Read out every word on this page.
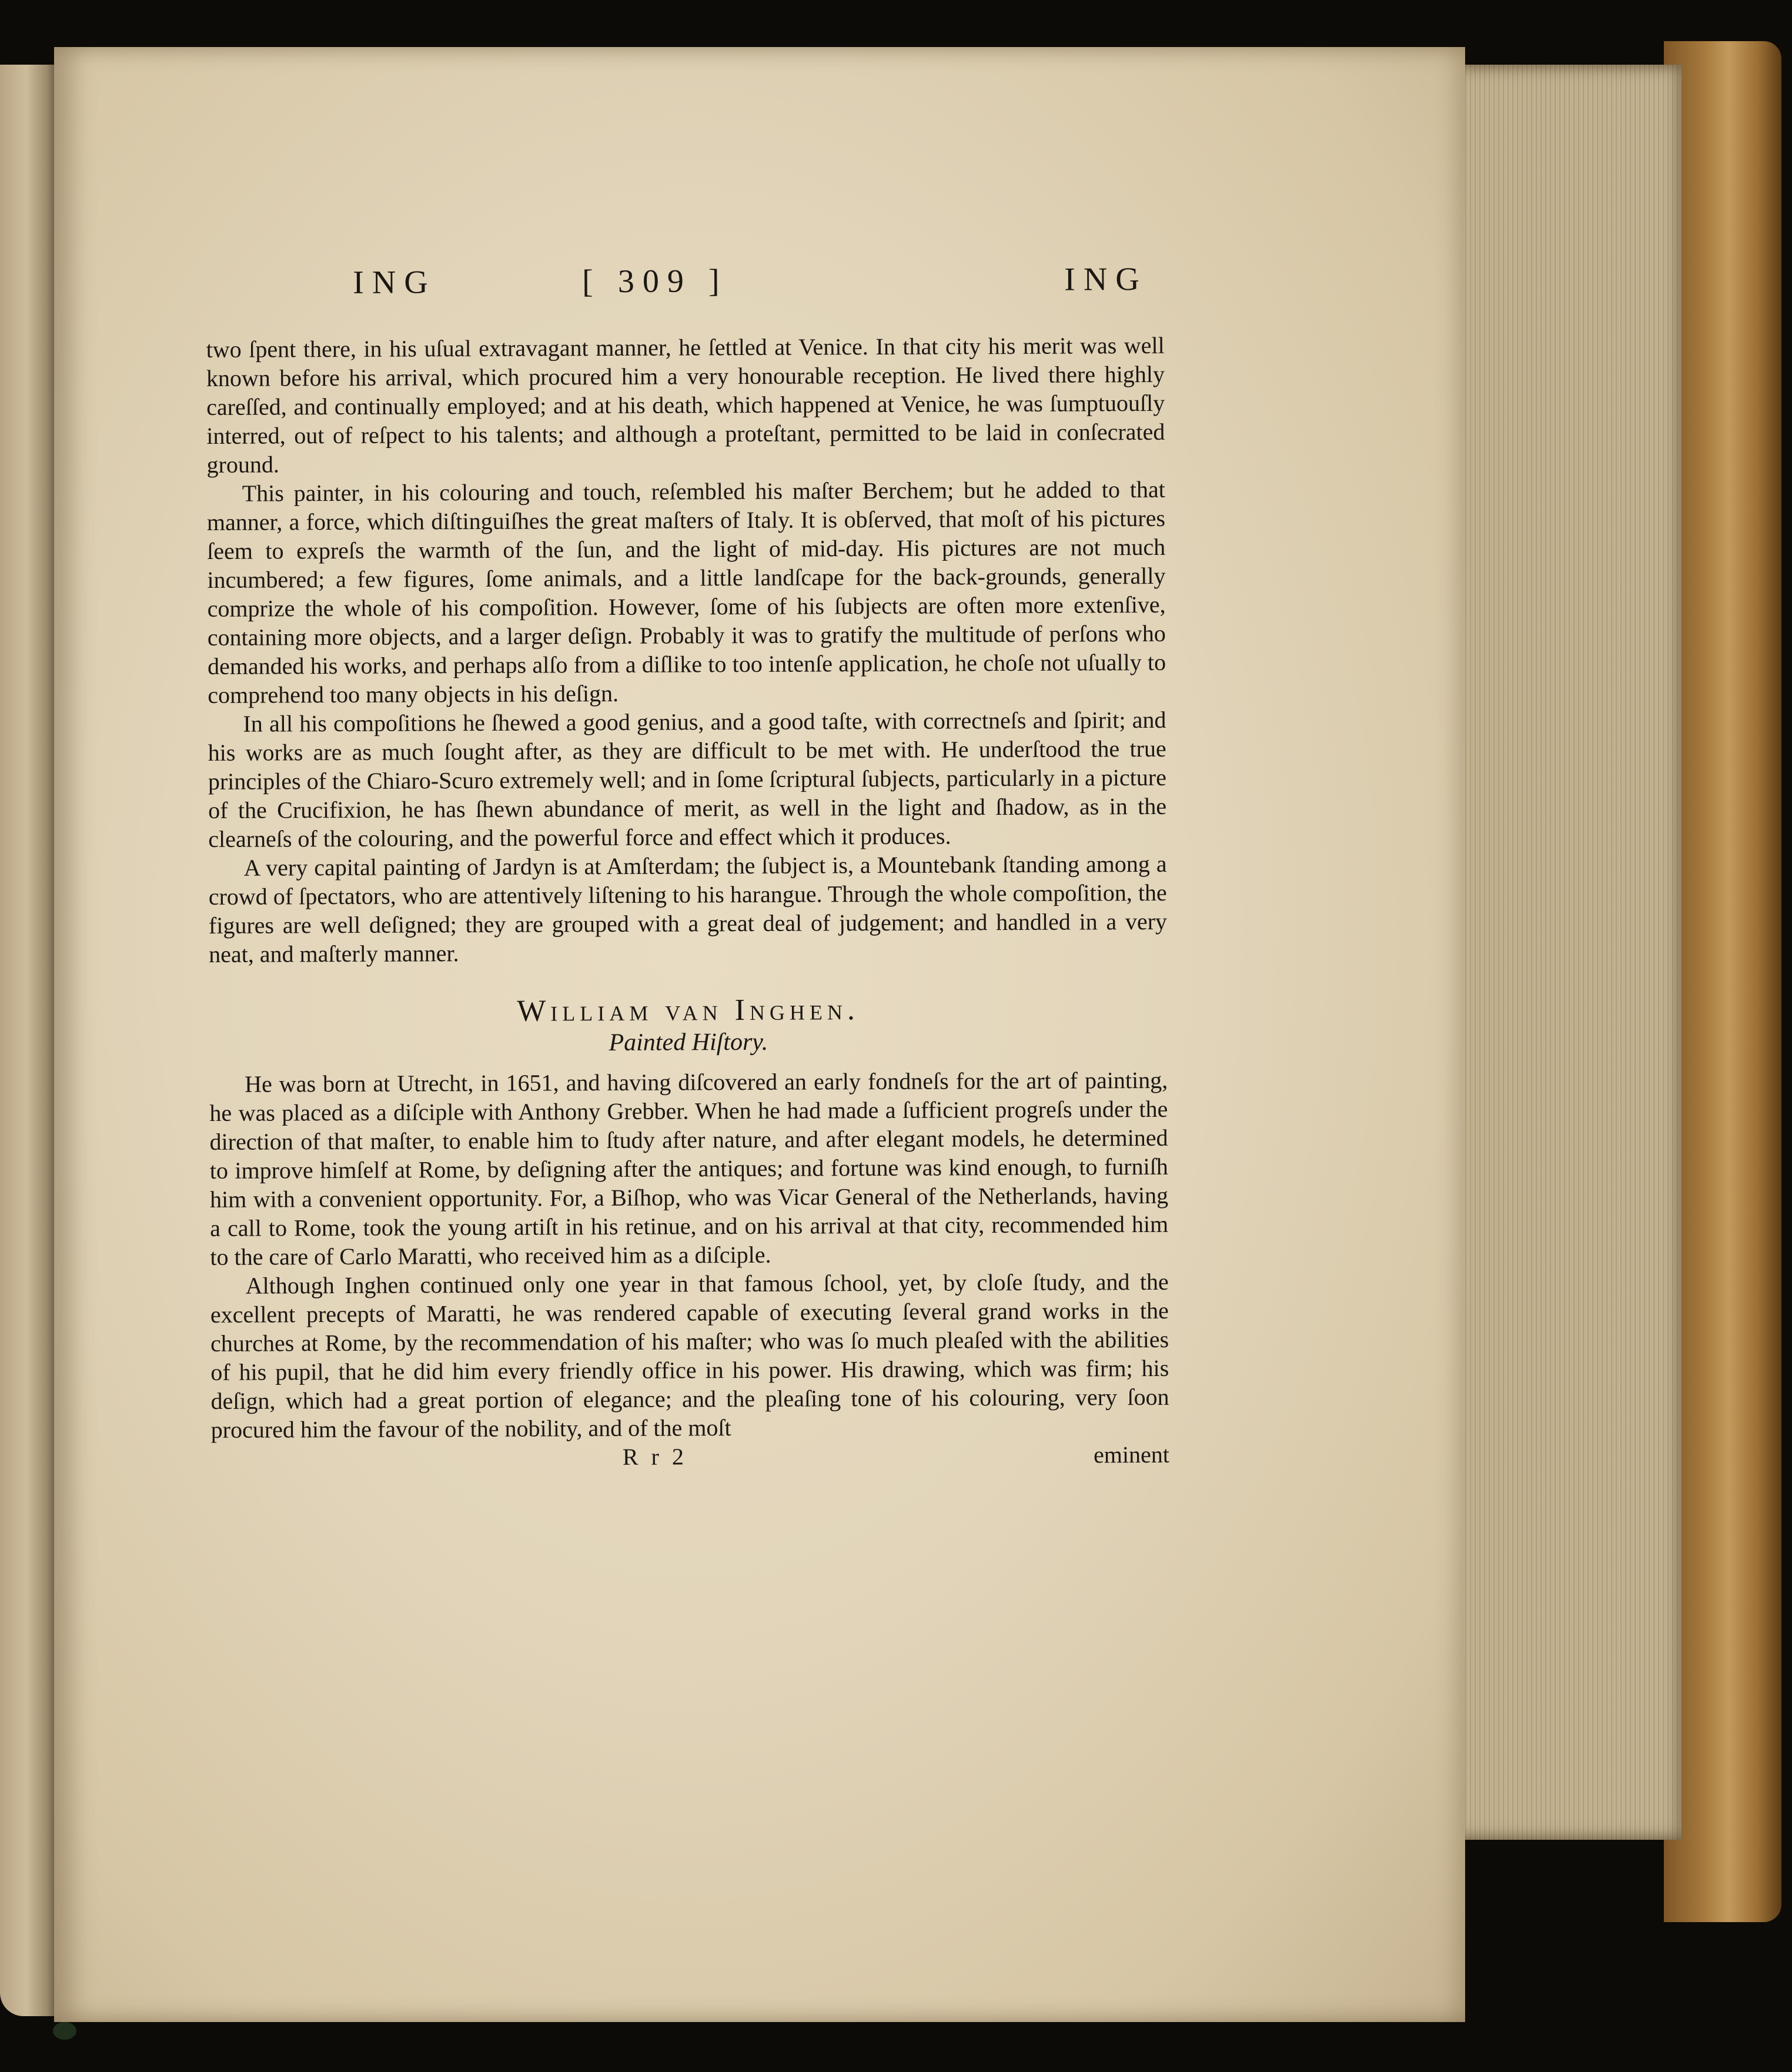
ING	[ 309 ]	ING

two ſpent there, in his uſual extravagant manner, he ſettled at Venice. In that city his merit was well known before his arrival, which procured him a very honourable reception. He lived there highly careſſed, and continually employed; and at his death, which happened at Venice, he was ſumptuouſly interred, out of reſpect to his talents; and although a proteſtant, permitted to be laid in conſecrated ground.

This painter, in his colouring and touch, reſembled his maſter Berchem; but he added to that manner, a force, which diſtinguiſhes the great maſters of Italy. It is obſerved, that moſt of his pictures ſeem to expreſs the warmth of the ſun, and the light of mid-day. His pictures are not much incumbered; a few figures, ſome animals, and a little landſcape for the back-grounds, generally comprize the whole of his compoſition. However, ſome of his ſubjects are often more extenſive, containing more objects, and a larger deſign. Probably it was to gratify the multitude of perſons who demanded his works, and perhaps alſo from a diſlike to too intenſe application, he choſe not uſually to comprehend too many objects in his deſign.

In all his compoſitions he ſhewed a good genius, and a good taſte, with correctneſs and ſpirit; and his works are as much ſought after, as they are difficult to be met with. He underſtood the true principles of the Chiaro-Scuro extremely well; and in ſome ſcriptural ſubjects, particularly in a picture of the Crucifixion, he has ſhewn abundance of merit, as well in the light and ſhadow, as in the clearneſs of the colouring, and the powerful force and effect which it produces.

A very capital painting of Jardyn is at Amſterdam; the ſubject is, a Mountebank ſtanding among a crowd of ſpectators, who are attentively liſtening to his harangue. Through the whole compoſition, the figures are well deſigned; they are grouped with a great deal of judgement; and handled in a very neat, and maſterly manner.

William van Inghen.
Painted Hiſtory.

He was born at Utrecht, in 1651, and having diſcovered an early fondneſs for the art of painting, he was placed as a diſciple with Anthony Grebber. When he had made a ſufficient progreſs under the direction of that maſter, to enable him to ſtudy after nature, and after elegant models, he determined to improve himſelf at Rome, by deſigning after the antiques; and fortune was kind enough, to furniſh him with a convenient opportunity. For, a Biſhop, who was Vicar General of the Netherlands, having a call to Rome, took the young artiſt in his retinue, and on his arrival at that city, recommended him to the care of Carlo Maratti, who received him as a diſciple.

Although Inghen continued only one year in that famous ſchool, yet, by cloſe ſtudy, and the excellent precepts of Maratti, he was rendered capable of executing ſeveral grand works in the churches at Rome, by the recommendation of his maſter; who was ſo much pleaſed with the abilities of his pupil, that he did him every friendly office in his power. His drawing, which was firm; his deſign, which had a great portion of elegance; and the pleaſing tone of his colouring, very ſoon procured him the favour of the nobility, and of the moſt

R r 2	eminent
